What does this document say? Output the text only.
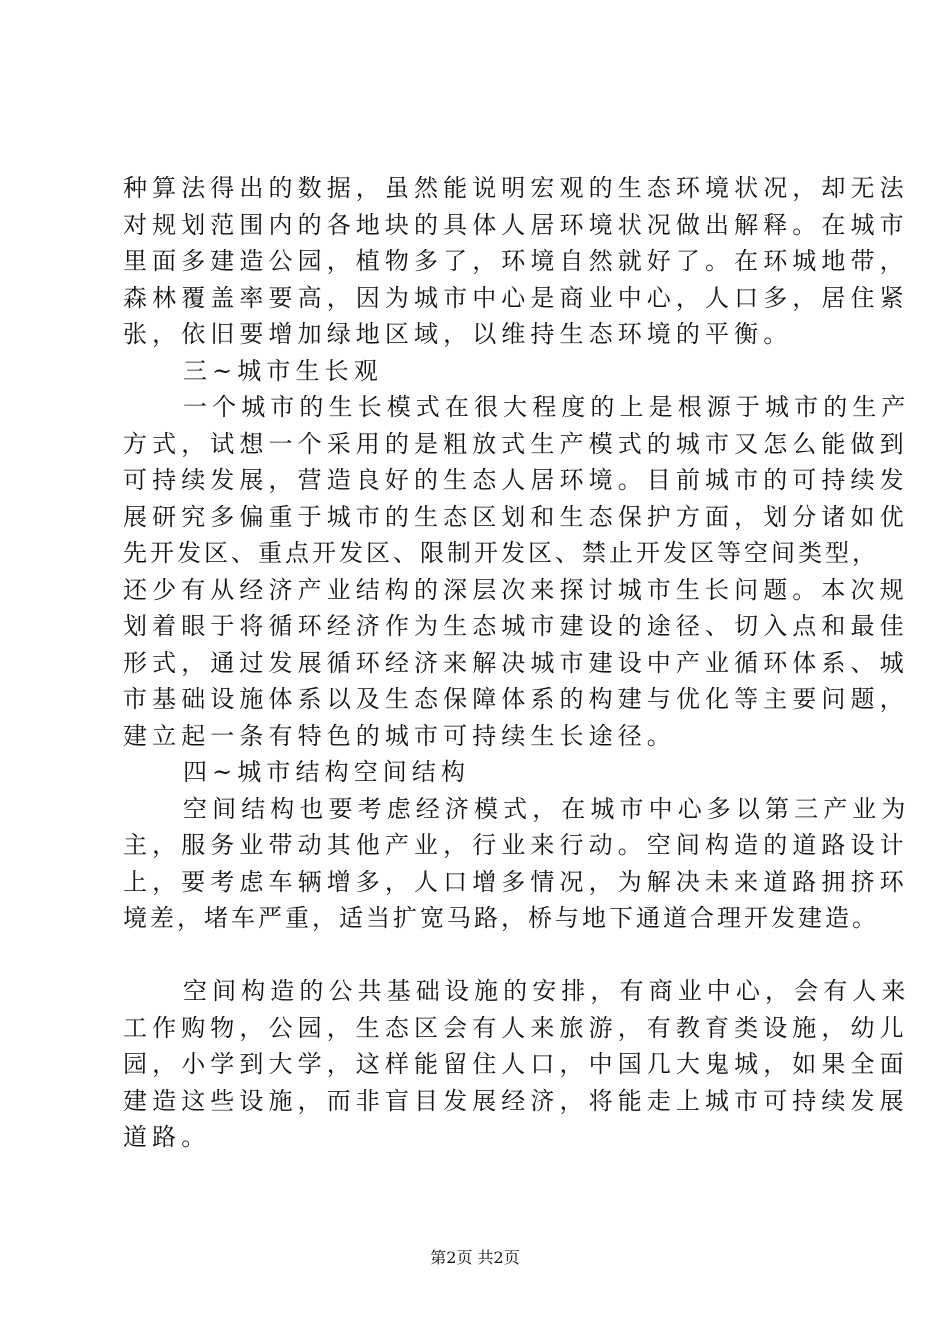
种算法得出的数据，虽然能说明宏观的生态环境状况，却无法
对规划范围内的各地块的具体人居环境状况做出解释。在城市
里面多建造公园，植物多了，环境自然就好了。在环城地带，
森林覆盖率要高，因为城市中心是商业中心，人口多，居住紧
张，依旧要增加绿地区域，以维持生态环境的平衡。
三~城市生长观
一个城市的生长模式在很大程度的上是根源于城市的生产
方式，试想一个采用的是粗放式生产模式的城市又怎么能做到
可持续发展，营造良好的生态人居环境。目前城市的可持续发
展研究多偏重于城市的生态区划和生态保护方面，划分诸如优
先开发区、重点开发区、限制开发区、禁止开发区等空间类型，
还少有从经济产业结构的深层次来探讨城市生长问题。本次规
划着眼于将循环经济作为生态城市建设的途径、切入点和最佳
形式，通过发展循环经济来解决城市建设中产业循环体系、城
市基础设施体系以及生态保障体系的构建与优化等主要问题，
建立起一条有特色的城市可持续生长途径。
四~城市结构空间结构
空间结构也要考虑经济模式，在城市中心多以第三产业为
主，服务业带动其他产业，行业来行动。空间构造的道路设计
上，要考虑车辆增多，人口增多情况，为解决未来道路拥挤环
境差，堵车严重，适当扩宽马路，桥与地下通道合理开发建造。
空间构造的公共基础设施的安排，有商业中心，会有人来
工作购物，公园，生态区会有人来旅游，有教育类设施，幼儿
园，小学到大学，这样能留住人口，中国几大鬼城，如果全面
建造这些设施，而非盲目发展经济，将能走上城市可持续发展
道路。
第2页 共2页
